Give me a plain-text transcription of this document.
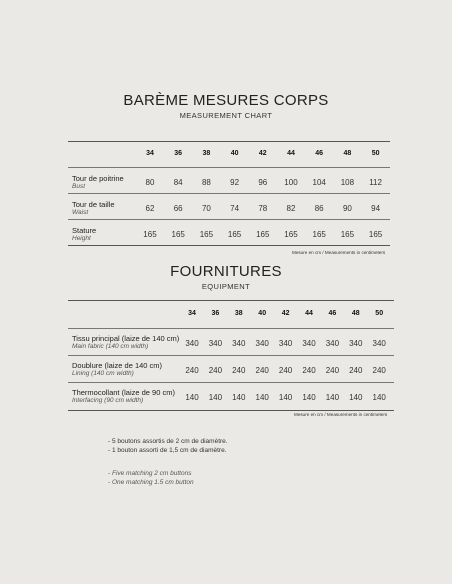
BARÈME MESURES CORPS
MEASUREMENT CHART
34	36	38	40	42	44	46	48	50
Tour de poitrine
Bust	80	84	88	92	96	100	104	108	112
Tour de taille
Waist	62	66	70	74	78	82	86	90	94
Stature
Height	165	165	165	165	165	165	165	165	165
Mesure en cm / Measurements in centimeters
FOURNITURES
EQUIPMENT
34	36	38	40	42	44	46	48	50
Tissu principal (laize de 140 cm)
Main fabric (140 cm width)	340	340	340	340	340	340	340	340	340
Doublure (laize de 140 cm)
Lining (140 cm width)	240	240	240	240	240	240	240	240	240
Thermocollant (laize de 90 cm)
Interfacing (90 cm width)	140	140	140	140	140	140	140	140	140
Mesure en cm / Measurements in centimeters
- 5 boutons assortis de 2 cm de diamètre.
- 1 bouton assorti de 1,5 cm de diamètre.
- Five matching 2 cm buttons
- One matching 1.5 cm button
